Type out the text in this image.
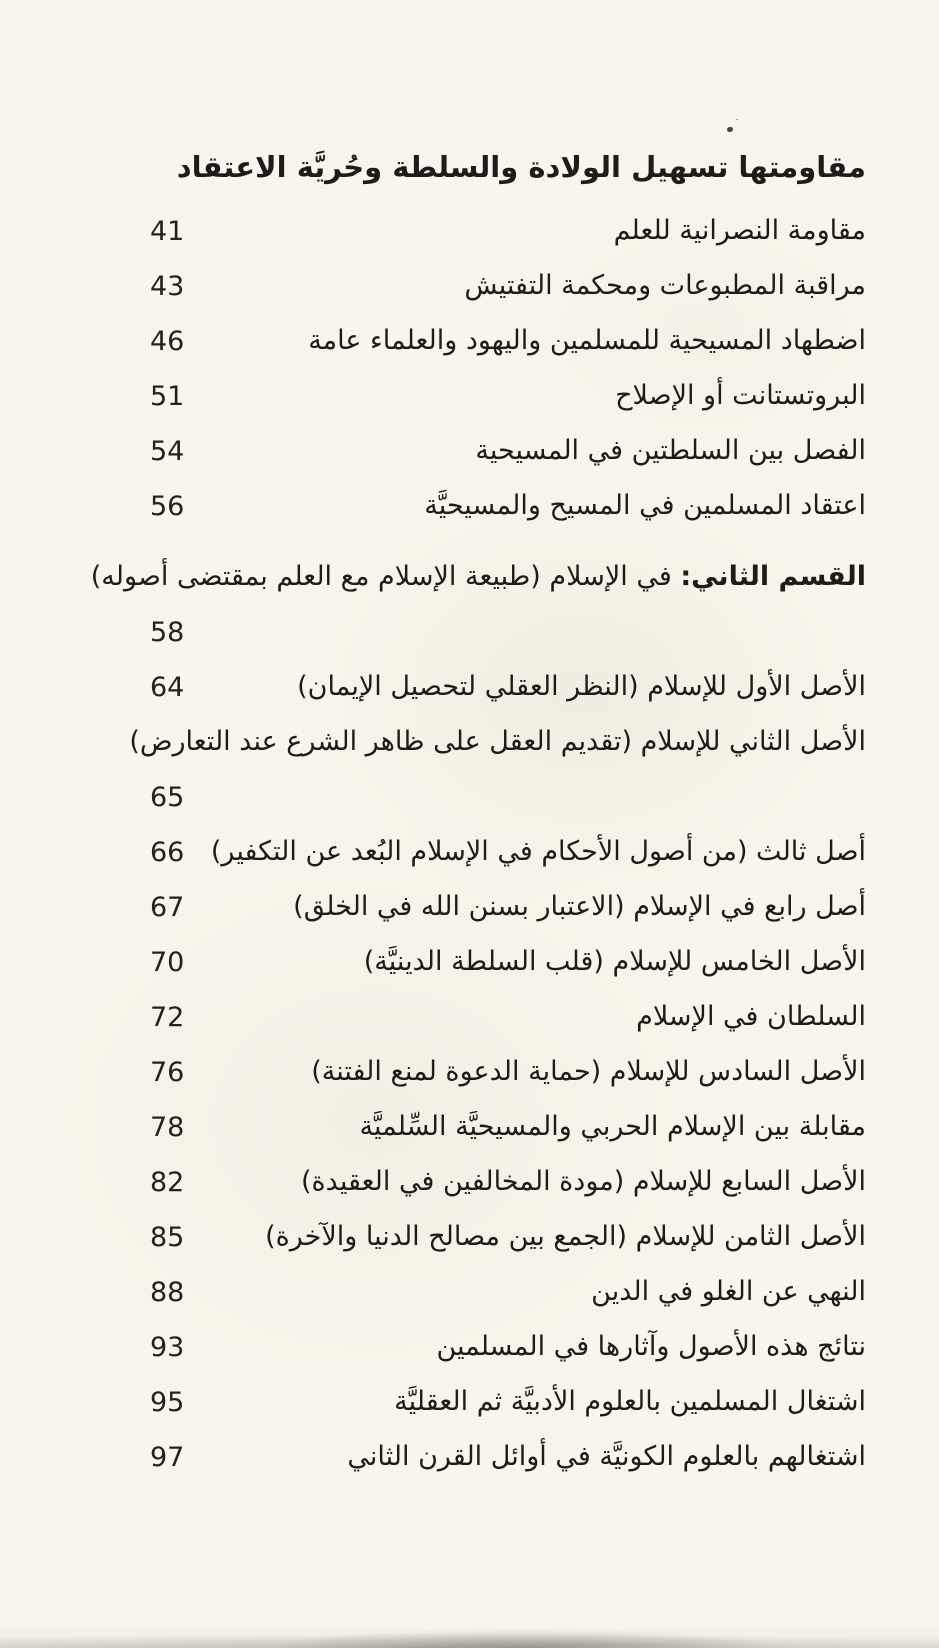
مقاومتها تسهيل الولادة والسلطة وحُريَّة الاعتقاد
مقاومة النصرانية للعلم
41
مراقبة المطبوعات ومحكمة التفتيش
43
اضطهاد المسيحية للمسلمين واليهود والعلماء عامة
46
البروتستانت أو الإصلاح
51
الفصل بين السلطتين في المسيحية
54
اعتقاد المسلمين في المسيح والمسيحيَّة
56
القسم الثاني: في الإسلام (طبيعة الإسلام مع العلم بمقتضى أصوله)
58
الأصل الأول للإسلام (النظر العقلي لتحصيل الإيمان)
64
الأصل الثاني للإسلام (تقديم العقل على ظاهر الشرع عند التعارض)
65
أصل ثالث (من أصول الأحكام في الإسلام البُعد عن التكفير)
66
أصل رابع في الإسلام (الاعتبار بسنن الله في الخلق)
67
الأصل الخامس للإسلام (قلب السلطة الدينيَّة)
70
السلطان في الإسلام
72
الأصل السادس للإسلام (حماية الدعوة لمنع الفتنة)
76
مقابلة بين الإسلام الحربي والمسيحيَّة السِّلميَّة
78
الأصل السابع للإسلام (مودة المخالفين في العقيدة)
82
الأصل الثامن للإسلام (الجمع بين مصالح الدنيا والآخرة)
85
النهي عن الغلو في الدين
88
نتائج هذه الأصول وآثارها في المسلمين
93
اشتغال المسلمين بالعلوم الأدبيَّة ثم العقليَّة
95
اشتغالهم بالعلوم الكونيَّة في أوائل القرن الثاني
97
